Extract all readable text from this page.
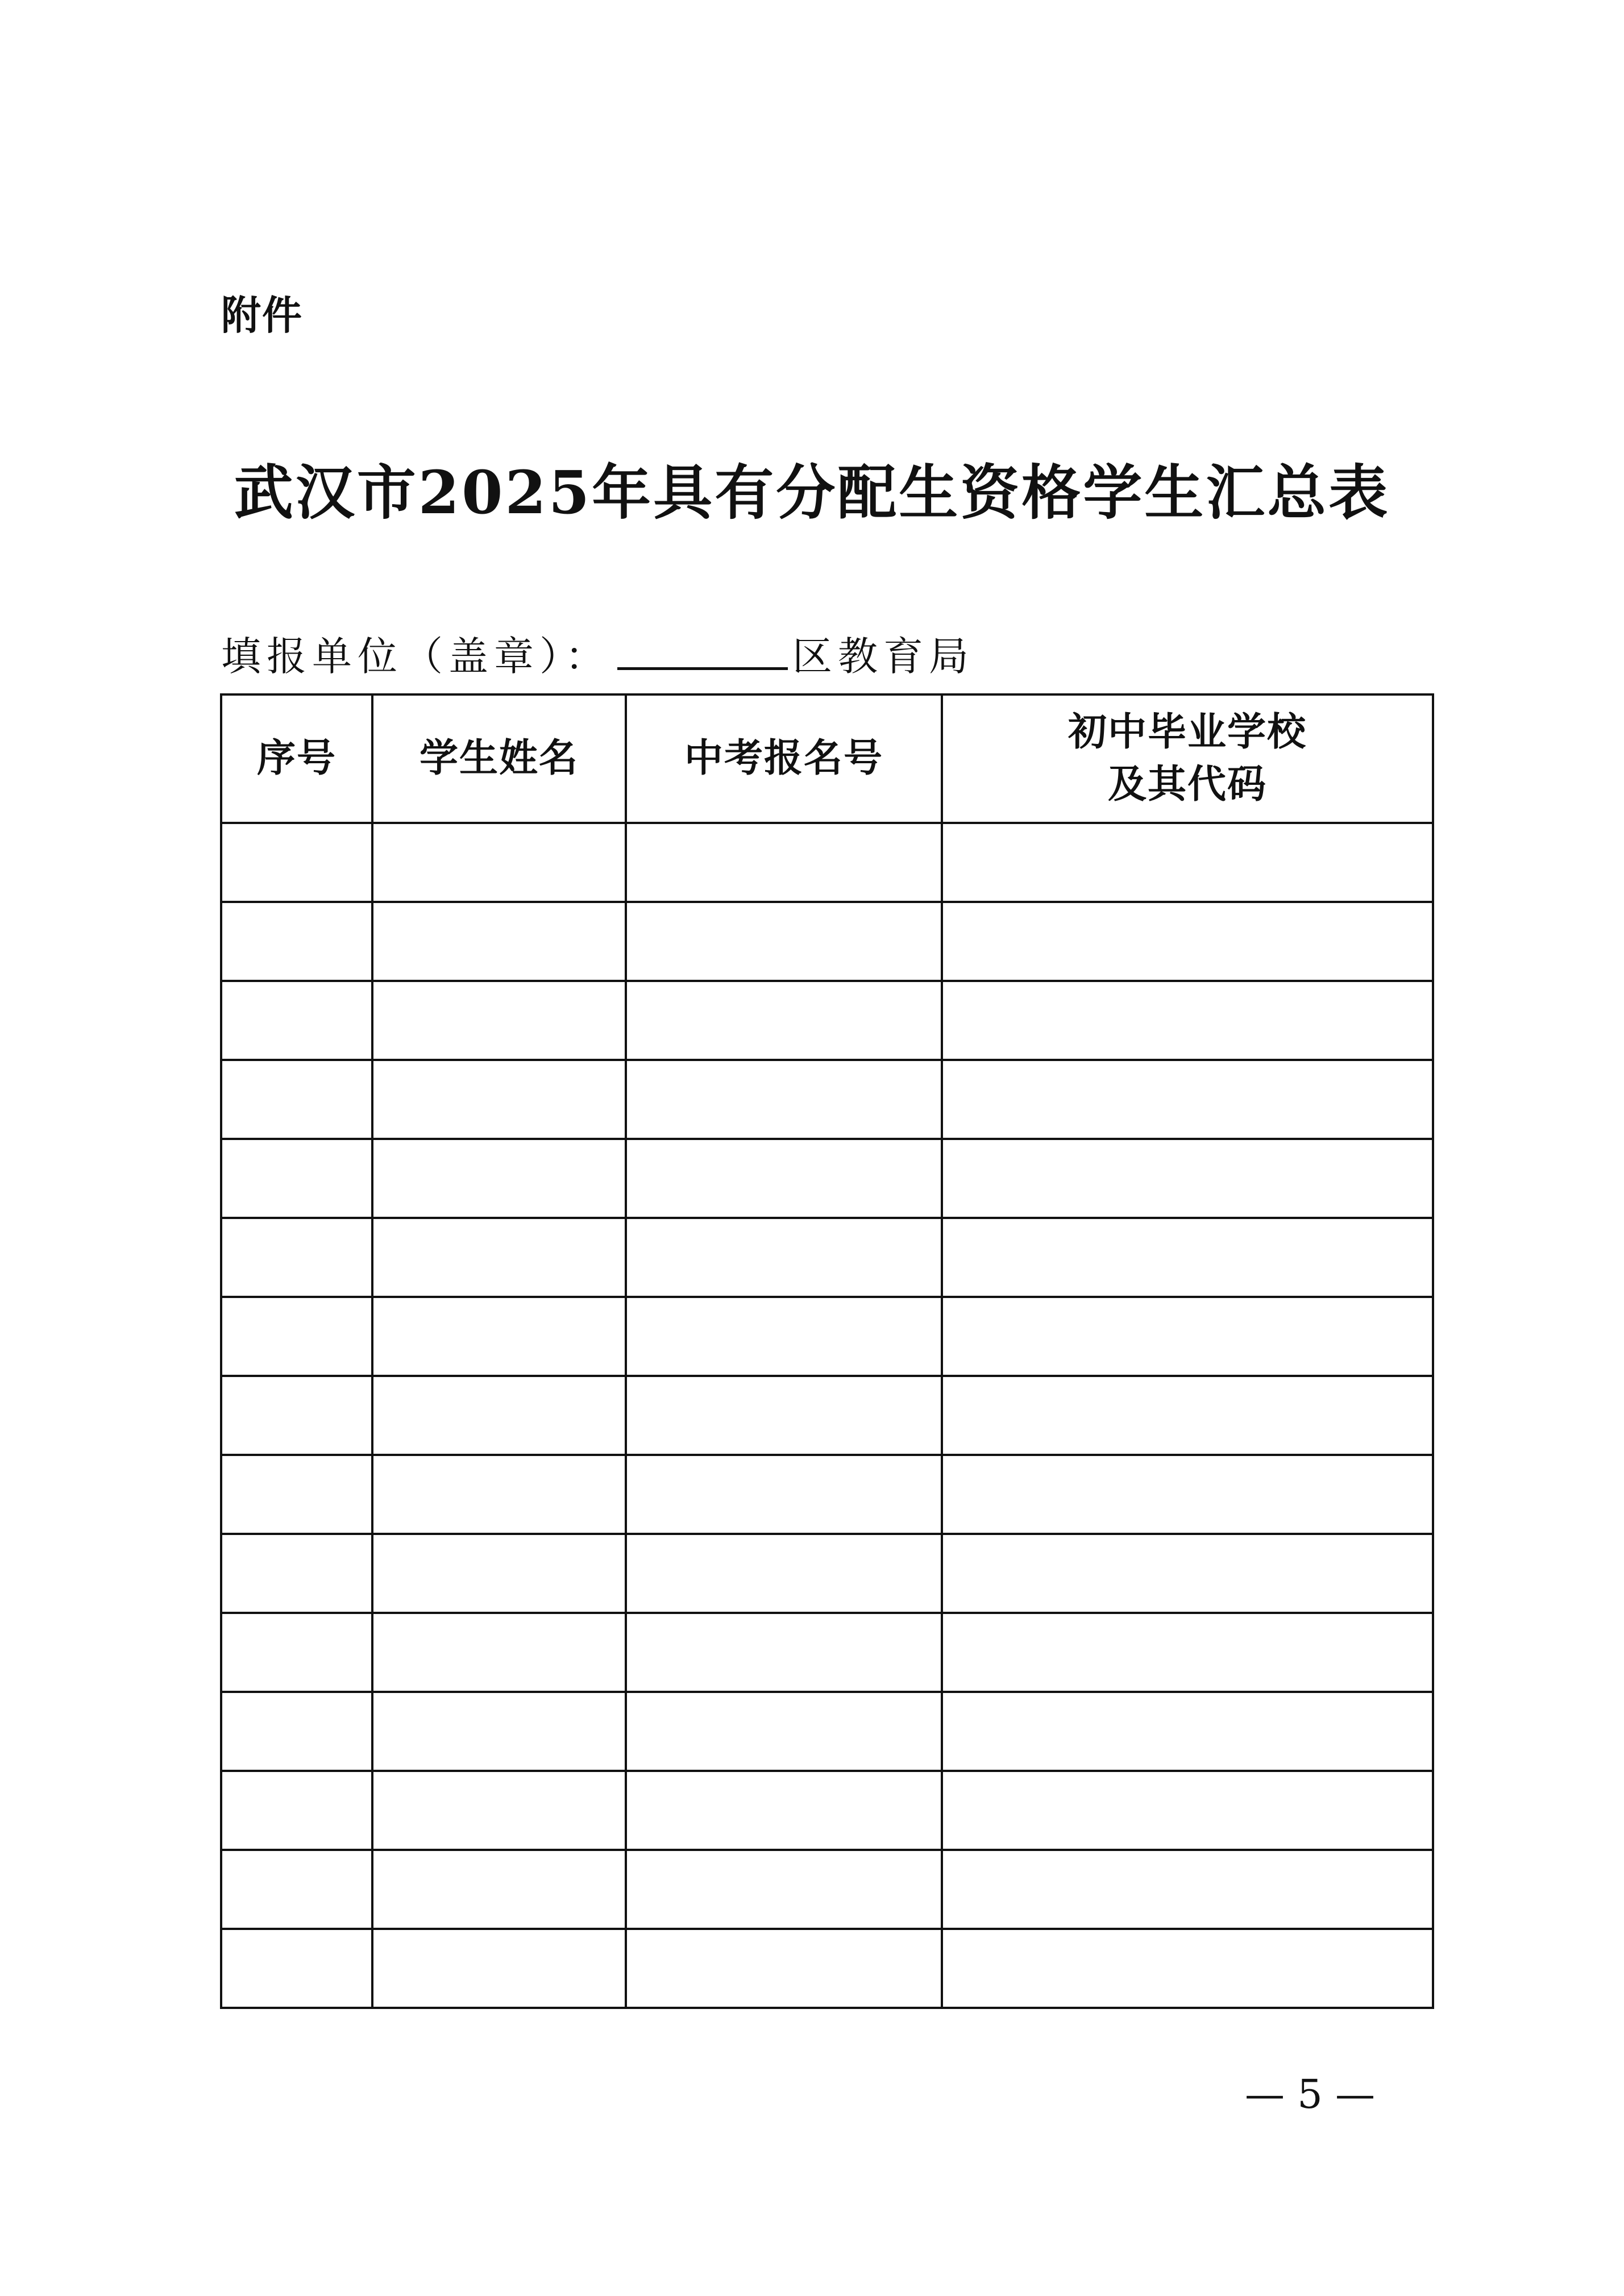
附件
武汉市2025年具有分配生资格学生汇总表
填报单位（盖章）：	区教育局
序号	学生姓名	中考报名号	初中毕业学校
及其代码

— 5 —
